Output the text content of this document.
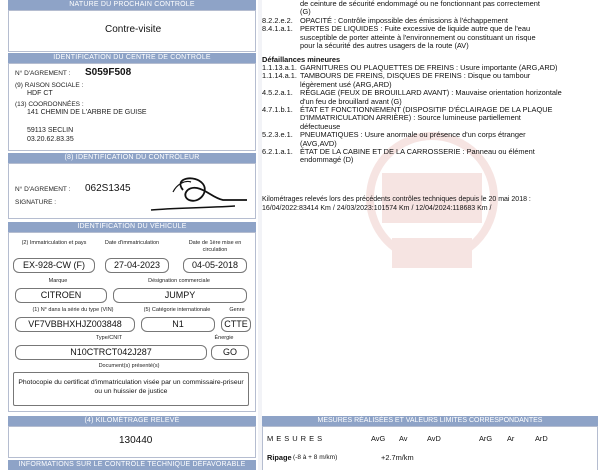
NATURE DU PROCHAIN CONTRÔLE
Contre-visite
IDENTIFICATION DU CENTRE DE CONTRÔLE
N° D'AGREMENT : S059F508
(9) RAISON SOCIALE :
HDF CT
(13) COORDONNÉES :
141 CHEMIN DE L'ARBRE DE GUISE
59113 SECLIN
03.20.62.83.35
(8) IDENTIFICATION DU CONTRÔLEUR
N° D'AGREMENT : 062S1345
SIGNATURE :
IDENTIFICATION DU VÉHICULE
(2) Immatriculation et pays	Date d'immatriculation	Date de 1ère mise en circulation
EX-928-CW (F)	27-04-2023	04-05-2018
Marque	Désignation commerciale
CITROEN	JUMPY
(1) N° dans la série du type (VIN)	(5) Catégorie internationale	Genre
VF7VBBHXHJZ003848	N1	CTTE
Type/CNIT	Énergie
N10CTRCT042J287	GO
Document(s) présenté(s)
Photocopie du certificat d'immatriculation visée par un commissaire-priseur ou un huissier de justice
(4) KILOMÉTRAGE RELEVÉ
130440
INFORMATIONS SUR LE CONTRÔLE TECHNIQUE DÉFAVORABLE
de ceinture de sécurité endommagé ou ne fonctionnant pas correctement
(G)
8.2.2.e.2. OPACITÉ : Contrôle impossible des émissions à l'échappement
8.4.1.a.1. PERTES DE LIQUIDES : Fuite excessive de liquide autre que de l'eau
susceptible de porter atteinte à l'environnement ou constituant un risque
pour la sécurité des autres usagers de la route (AV)
Défaillances mineures
1.1.13.a.1. GARNITURES OU PLAQUETTES DE FREINS : Usure importante (ARG,ARD)
1.1.14.a.1. TAMBOURS DE FREINS, DISQUES DE FREINS : Disque ou tambour
légèrement usé (ARG,ARD)
4.5.2.a.1. RÉGLAGE (FEUX DE BROUILLARD AVANT) : Mauvaise orientation horizontale
d'un feu de brouillard avant (G)
4.7.1.b.1. ÉTAT ET FONCTIONNEMENT (DISPOSITIF D'ÉCLAIRAGE DE LA PLAQUE
D'IMMATRICULATION ARRIÈRE) : Source lumineuse partiellement
défectueuse
5.2.3.e.1. PNEUMATIQUES : Usure anormale ou présence d'un corps étranger
(AVG,AVD)
6.2.1.a.1. ÉTAT DE LA CABINE ET DE LA CARROSSERIE : Panneau ou élément
endommagé (D)
Kilométrages relevés lors des précédents contrôles techniques depuis le 20 mai 2018 :
16/04/2022:83414 Km / 24/03/2023:101574 Km / 12/04/2024:118683 Km /
MESURES RÉALISÉES ET VALEURS LIMITES CORRESPONDANTES
MESURES	AvG Av	AvD	ArG Ar	ArD
Ripage (-8 à + 8 m/km)	+2.7m/km
